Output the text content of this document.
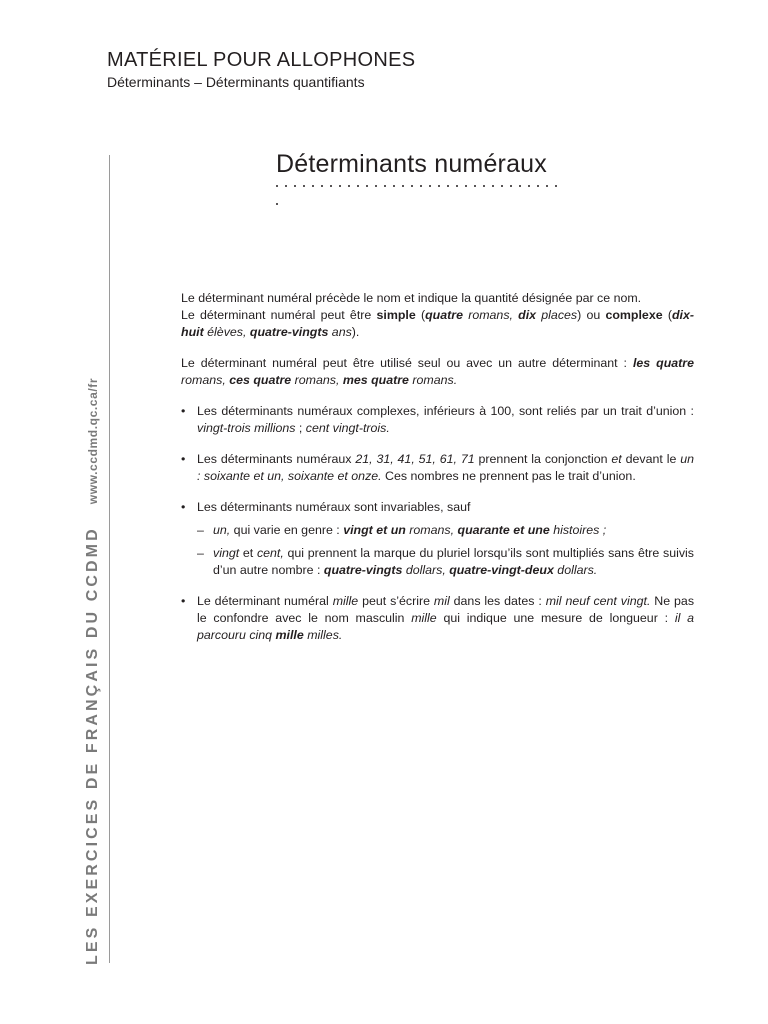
MATÉRIEL POUR ALLOPHONES
Déterminants – Déterminants quantifiants
LES EXERCICES DE FRANÇAIS DU CCDMDwww.ccdmd.qc.ca/fr
Déterminants numéraux

Le déterminant numéral précède le nom et indique la quantité désignée par ce nom.
Le déterminant numéral peut être simple (quatre romans, dix places) ou complexe (dix-huit élèves, quatre-vingts ans).

Le déterminant numéral peut être utilisé seul ou avec un autre déterminant : les quatre romans, ces quatre romans, mes quatre romans.

• Les déterminants numéraux complexes, inférieurs à 100, sont reliés par un trait d’union : vingt-trois millions ; cent vingt-trois.
• Les déterminants numéraux 21, 31, 41, 51, 61, 71 prennent la conjonction et devant le un : soixante et un, soixante et onze. Ces nombres ne prennent pas le trait d’union.
• Les déterminants numéraux sont invariables, sauf
– un, qui varie en genre : vingt et un romans, quarante et une histoires ;
– vingt et cent, qui prennent la marque du pluriel lorsqu’ils sont multipliés sans être suivis d’un autre nombre : quatre-vingts dollars, quatre-vingt-deux dollars.
• Le déterminant numéral mille peut s’écrire mil dans les dates : mil neuf cent vingt. Ne pas le confondre avec le nom masculin mille qui indique une mesure de longueur : il a parcouru cinq mille milles.
